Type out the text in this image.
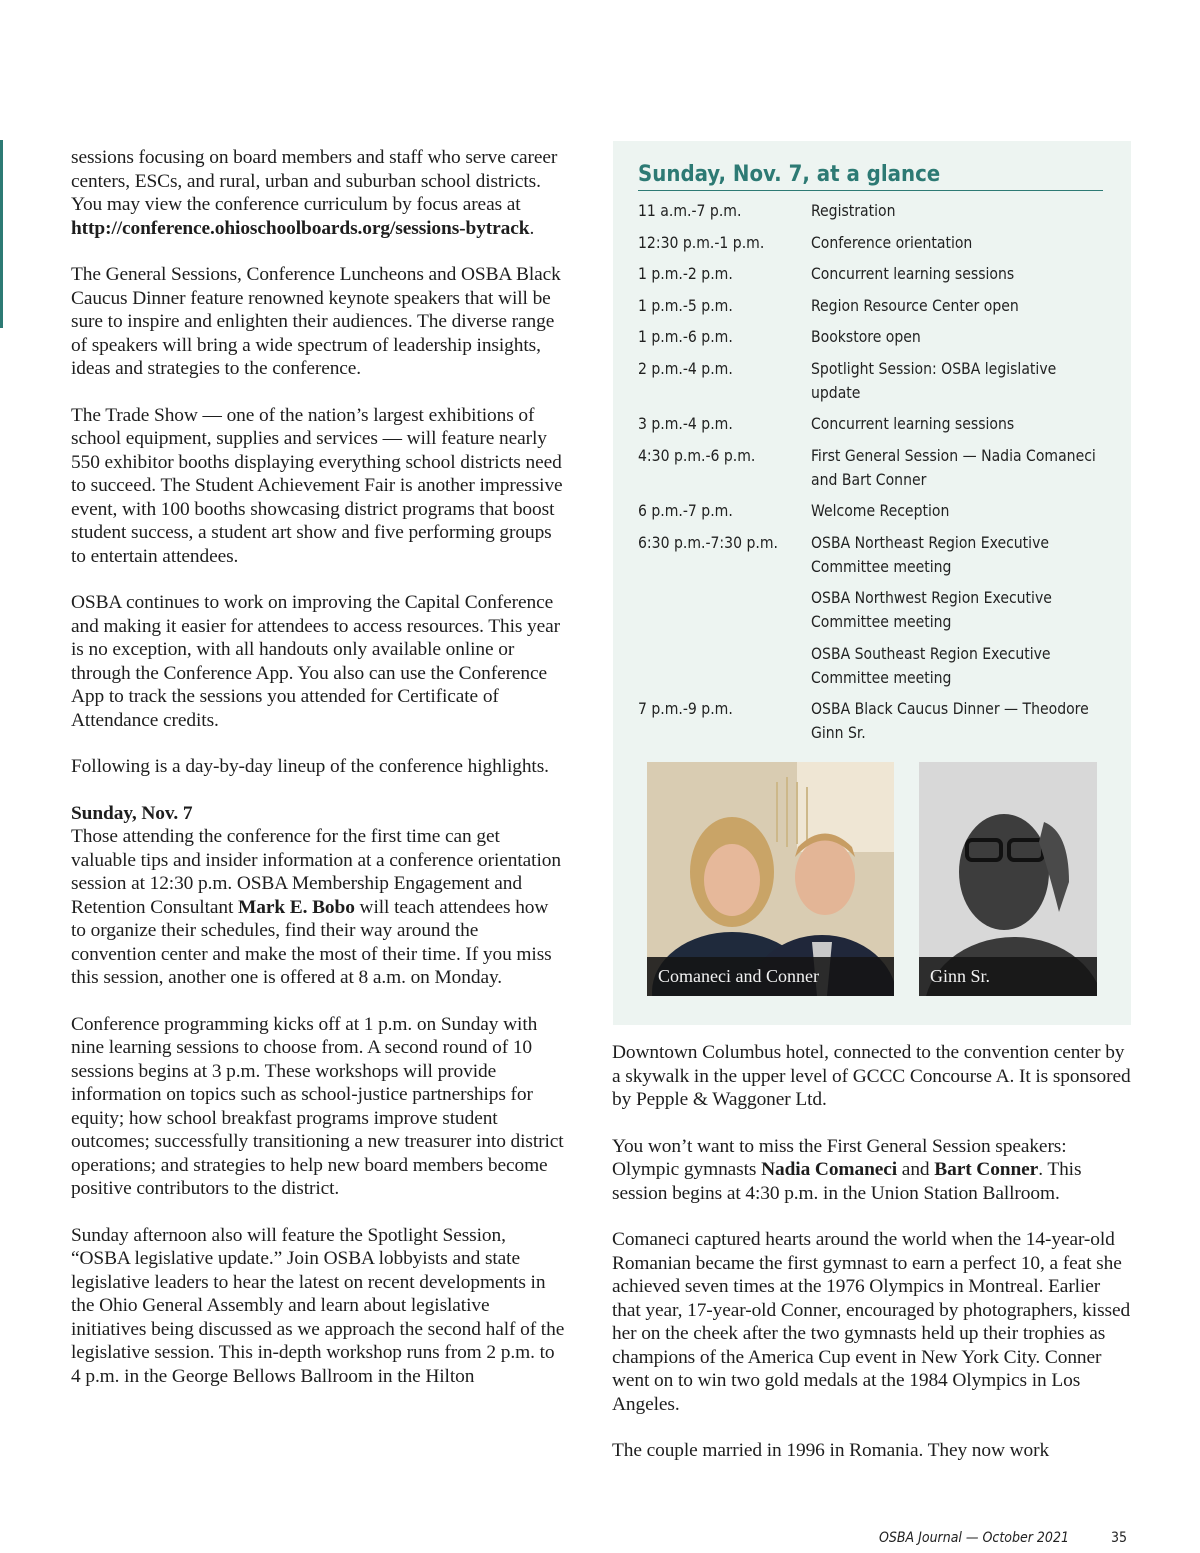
sessions focusing on board members and staff who serve career centers, ESCs, and rural, urban and suburban school districts. You may view the conference curriculum by focus areas at http://conference.ohioschoolboards.org/sessions-bytrack.

The General Sessions, Conference Luncheons and OSBA Black Caucus Dinner feature renowned keynote speakers that will be sure to inspire and enlighten their audiences. The diverse range of speakers will bring a wide spectrum of leadership insights, ideas and strategies to the conference.

The Trade Show — one of the nation’s largest exhibitions of school equipment, supplies and services — will feature nearly 550 exhibitor booths displaying everything school districts need to succeed. The Student Achievement Fair is another impressive event, with 100 booths showcasing district programs that boost student success, a student art show and five performing groups to entertain attendees.

OSBA continues to work on improving the Capital Conference and making it easier for attendees to access resources. This year is no exception, with all handouts only available online or through the Conference App. You also can use the Conference App to track the sessions you attended for Certificate of Attendance credits.

Following is a day-by-day lineup of the conference highlights.

Sunday, Nov. 7
Those attending the conference for the first time can get valuable tips and insider information at a conference orientation session at 12:30 p.m. OSBA Membership Engagement and Retention Consultant Mark E. Bobo will teach attendees how to organize their schedules, find their way around the convention center and make the most of their time. If you miss this session, another one is offered at 8 a.m. on Monday.

Conference programming kicks off at 1 p.m. on Sunday with nine learning sessions to choose from. A second round of 10 sessions begins at 3 p.m. These workshops will provide information on topics such as school-justice partnerships for equity; how school breakfast programs improve student outcomes; successfully transitioning a new treasurer into district operations; and strategies to help new board members become positive contributors to the district.

Sunday afternoon also will feature the Spotlight Session, “OSBA legislative update.” Join OSBA lobbyists and state legislative leaders to hear the latest on recent developments in the Ohio General Assembly and learn about legislative initiatives being discussed as we approach the second half of the legislative session. This in-depth workshop runs from 2 p.m. to 4 p.m. in the George Bellows Ballroom in the Hilton

Sunday, Nov. 7, at a glance
11 a.m.-7 p.m.	Registration
12:30 p.m.-1 p.m.	Conference orientation
1 p.m.-2 p.m.	Concurrent learning sessions
1 p.m.-5 p.m.	Region Resource Center open
1 p.m.-6 p.m.	Bookstore open
2 p.m.-4 p.m.	Spotlight Session: OSBA legislative update
3 p.m.-4 p.m.	Concurrent learning sessions
4:30 p.m.-6 p.m.	First General Session — Nadia Comaneci and Bart Conner
6 p.m.-7 p.m.	Welcome Reception
6:30 p.m.-7:30 p.m.	OSBA Northeast Region Executive Committee meeting
OSBA Northwest Region Executive Committee meeting
OSBA Southeast Region Executive Committee meeting
7 p.m.-9 p.m.	OSBA Black Caucus Dinner — Theodore Ginn Sr.
Comaneci and Conner	Ginn Sr.

Downtown Columbus hotel, connected to the convention center by a skywalk in the upper level of GCCC Concourse A. It is sponsored by Pepple & Waggoner Ltd.

You won’t want to miss the First General Session speakers: Olympic gymnasts Nadia Comaneci and Bart Conner. This session begins at 4:30 p.m. in the Union Station Ballroom.

Comaneci captured hearts around the world when the 14-year-old Romanian became the first gymnast to earn a perfect 10, a feat she achieved seven times at the 1976 Olympics in Montreal. Earlier that year, 17-year-old Conner, encouraged by photographers, kissed her on the cheek after the two gymnasts held up their trophies as champions of the America Cup event in New York City. Conner went on to win two gold medals at the 1984 Olympics in Los Angeles.

The couple married in 1996 in Romania. They now work

OSBA Journal — October 2021	35
